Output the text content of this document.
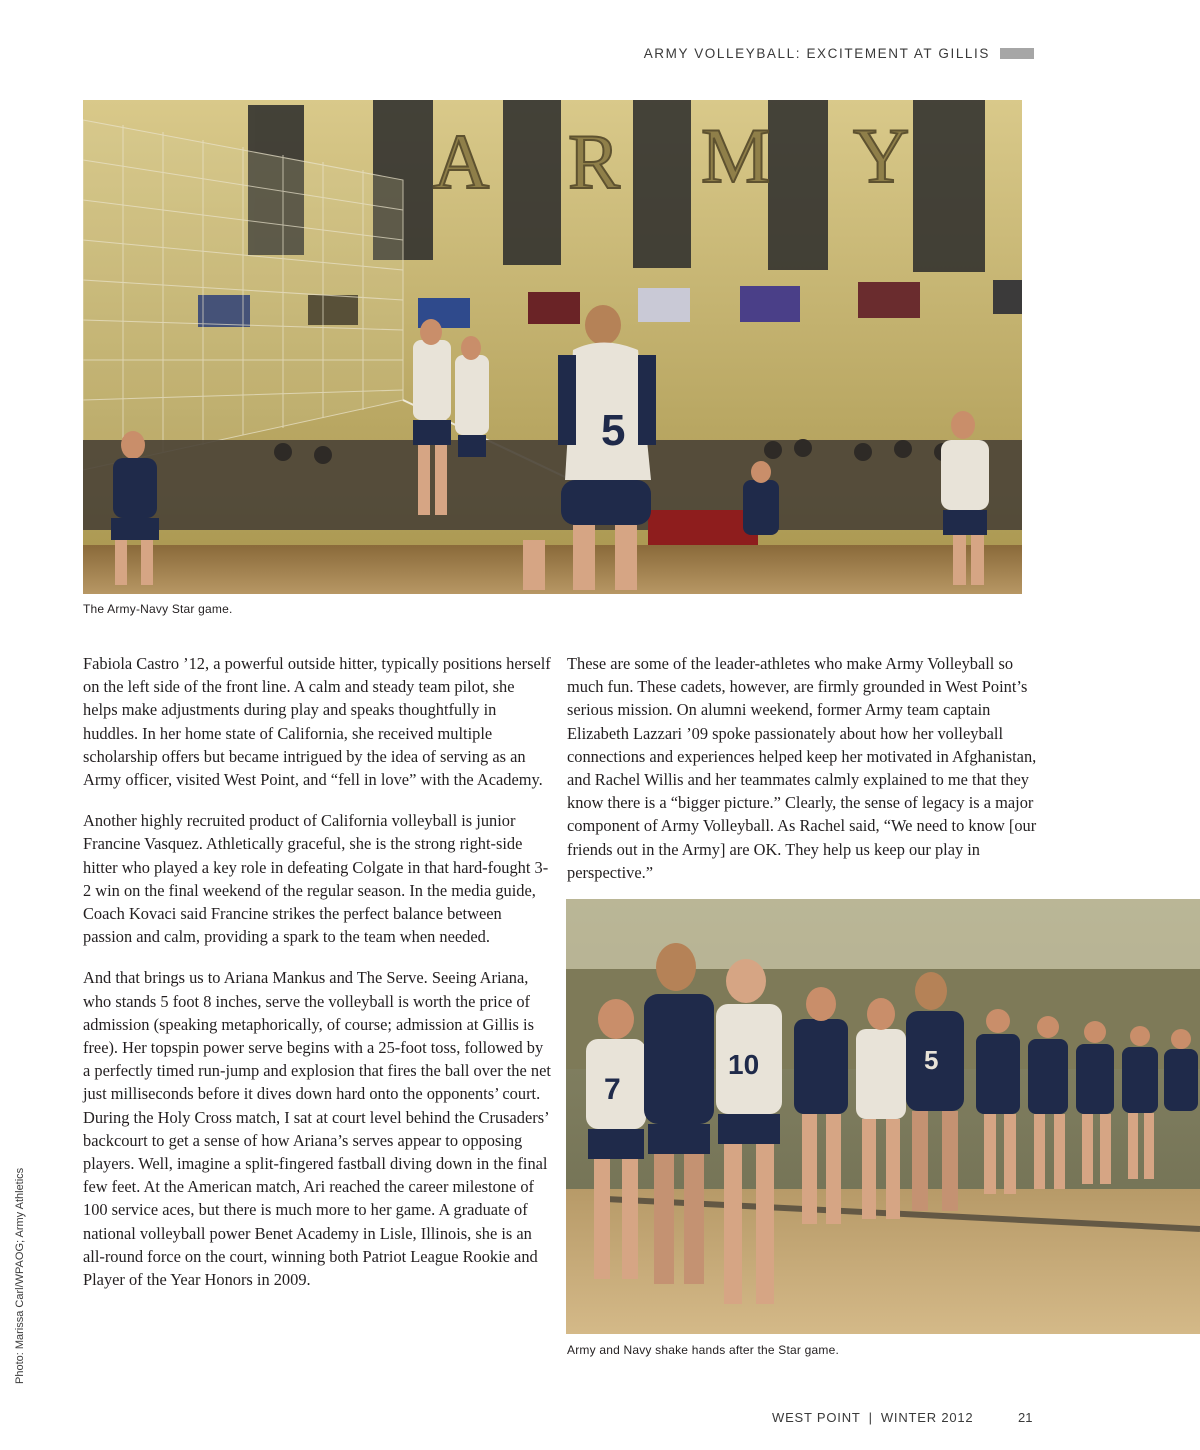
ARMY VOLLEYBALL: EXCITEMENT AT GILLIS
A R M Y
5
The Army-Navy Star game.

Fabiola Castro ’12, a powerful outside hitter, typically positions herself on the left side of the front line. A calm and steady team pilot, she helps make adjustments during play and speaks thoughtfully in huddles. In her home state of California, she received multiple scholarship offers but became intrigued by the idea of serving as an Army officer, visited West Point, and “fell in love” with the Academy.

Another highly recruited product of California volleyball is junior Francine Vasquez. Athletically graceful, she is the strong right-side hitter who played a key role in defeating Colgate in that hard-fought 3-2 win on the final weekend of the regular season. In the media guide, Coach Kovaci said Francine strikes the perfect balance between passion and calm, providing a spark to the team when needed.

And that brings us to Ariana Mankus and The Serve. Seeing Ariana, who stands 5 foot 8 inches, serve the volleyball is worth the price of admission (speaking metaphorically, of course; admission at Gillis is free). Her topspin power serve begins with a 25-foot toss, followed by a perfectly timed run-jump and explosion that fires the ball over the net just milliseconds before it dives down hard onto the opponents’ court. During the Holy Cross match, I sat at court level behind the Crusaders’ backcourt to get a sense of how Ariana’s serves appear to opposing players. Well, imagine a split-fingered fastball diving down in the final few feet. At the American match, Ari reached the career milestone of 100 service aces, but there is much more to her game. A graduate of national volleyball power Benet Academy in Lisle, Illinois, she is an all-round force on the court, winning both Patriot League Rookie and Player of the Year Honors in 2009.

These are some of the leader-athletes who make Army Volleyball so much fun. These cadets, however, are firmly grounded in West Point’s serious mission. On alumni weekend, former Army team captain Elizabeth Lazzari ’09 spoke passionately about how her volleyball connections and experiences helped keep her motivated in Afghanistan, and Rachel Willis and her teammates calmly explained to me that they know there is a “bigger picture.” Clearly, the sense of legacy is a major component of Army Volleyball. As Rachel said, “We need to know [our friends out in the Army] are OK. They help us keep our play in perspective.”

7
10	5
Army and Navy shake hands after the Star game.
Photo: Marissa Carl/WPAOG; Army Athletics
WEST POINT | WINTER 2012	21
